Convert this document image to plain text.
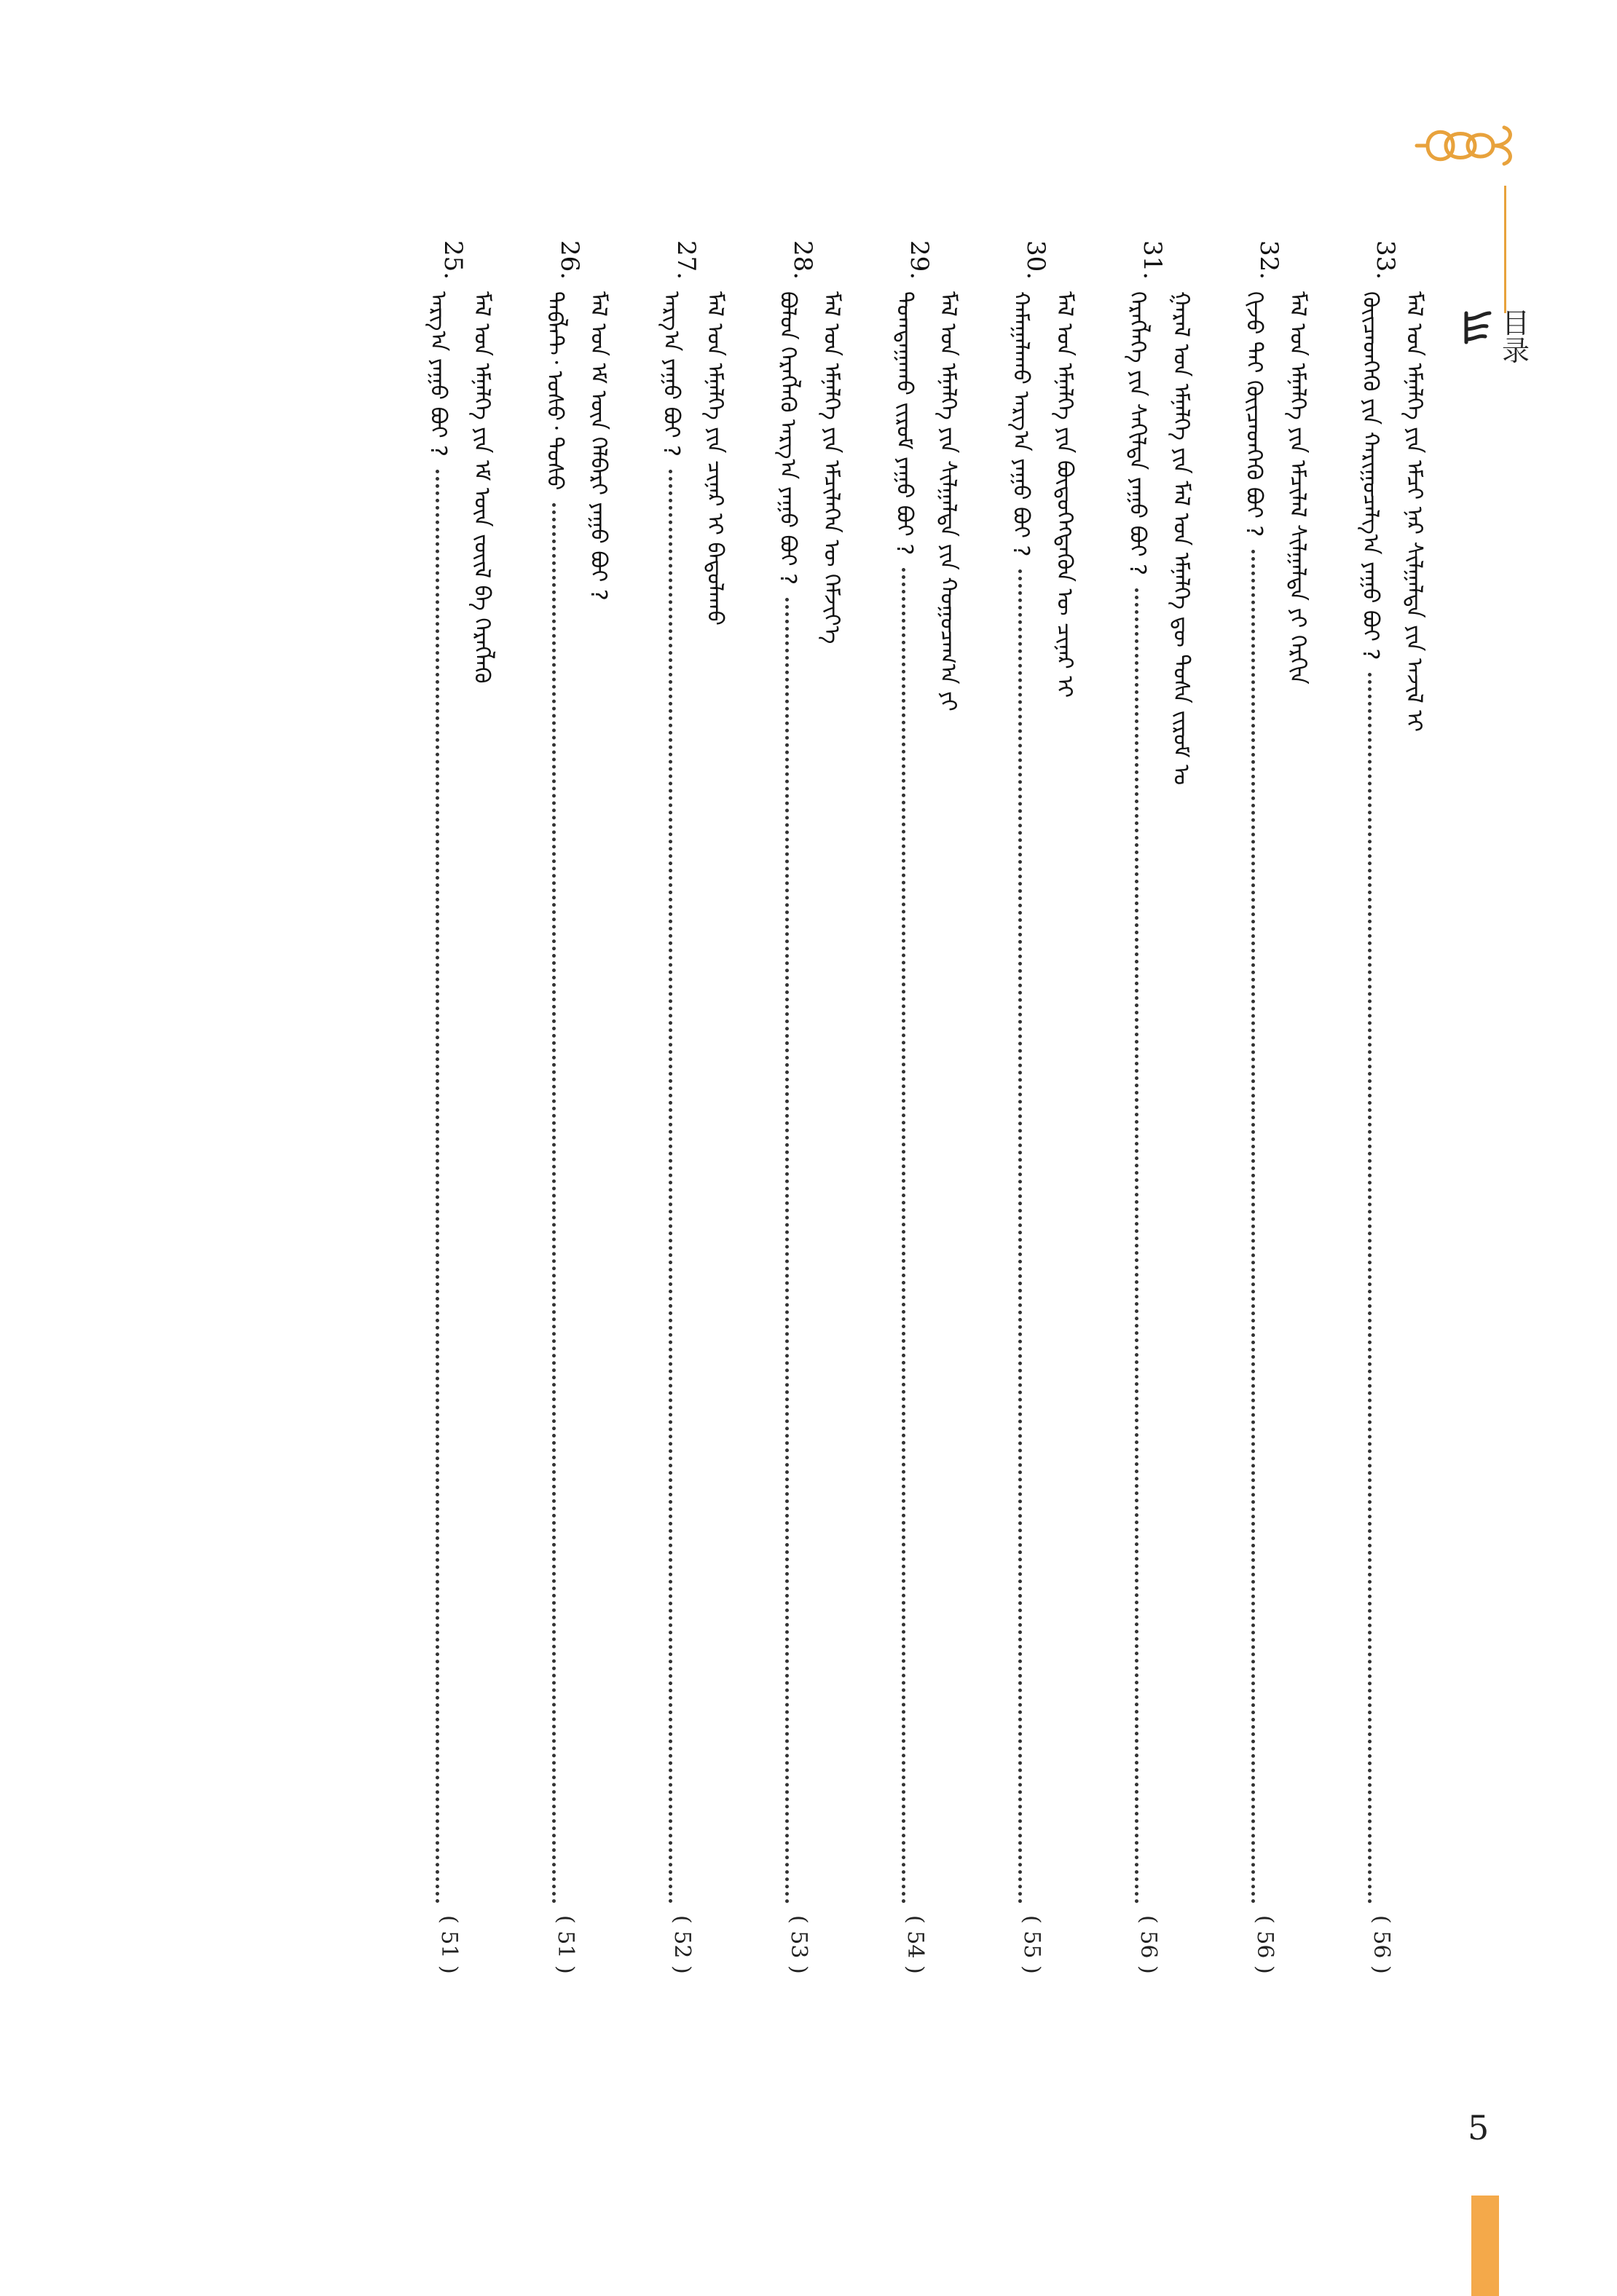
目录
5
33.
ᠮᠠᠯ ᠤᠨ ᠡᠮᠨᠡᠯᠭᠡ ᠶᠢᠨ ᠡᠮᠴᠢ ᠨᠠᠷ ᠰᠢᠯᠭᠠᠯᠲᠠ ᠶᠢᠨ ᠠᠵᠢᠯ ᠢ
ᠭᠦᠢᠴᠡᠳᠬᠡᠬᠦ ᠶᠢᠨ ᠬᠠᠷᠢᠭᠤᠴᠠᠯᠭ᠎ᠠ ᠶᠠᠭᠤ ᠪᠤᠢ ?
( 56 )
32.
ᠮᠠᠯ ᠤᠨ ᠡᠮᠨᠡᠯᠭᠡ ᠶᠢᠨ ᠡᠮᠴᠢᠯᠡᠯ ᠰᠢᠯᠭᠠᠯᠲᠠ ᠶᠢ ᠬᠡᠷᠬᠢᠨ
ᠬᠢᠵᠦ ᠲᠡᠢ ᠭᠦᠢᠴᠡᠳᠬᠡᠬᠦ ᠪᠤᠢ ?
( 56 )
31.
ᠭᠠᠷᠠᠯ ᠤᠨ ᠡᠮᠨᠡᠯᠭᠡ ᠶᠢᠨ ᠮᠠᠯ ᠤᠨ ᠡᠮᠨᠡᠯᠭᠡ ᠳᠦ ᠲᠤᠰᠠ ᠵᠢᠷᠤᠮ ᠤ
ᠬᠡᠷᠡᠭᠯᠡᠭᠡ ᠶᠢᠨ ᠰᠠᠬᠢᠯᠲᠠ ᠶᠠᠭᠤ ᠪᠤᠢ ?
( 56 )
30.
ᠮᠠᠯ ᠤᠨ ᠡᠮᠨᠡᠯᠭᠡ ᠶᠢᠨ ᠪᠦᠲᠦᠭᠡᠭᠳᠡᠬᠦᠨ ᠦ ᠴᠢᠨᠠᠷ ᠢ
ᠬᠠᠮᠠᠭᠠᠯᠠᠬᠤ ᠠᠷᠭ᠎ᠠ ᠶᠠᠭᠤ ᠪᠤᠢ ?
( 55 )
29.
ᠮᠠᠯ ᠤᠨ ᠡᠮᠨᠡᠯᠭᠡ ᠶᠢᠨ ᠰᠢᠯᠭᠠᠯᠲᠠ ᠶᠢᠨ ᠬᠤᠭᠤᠴᠠᠭ᠎ᠠ ᠶᠢ
ᠲᠣᠭᠲᠠᠭᠠᠬᠤ ᠵᠢᠷᠤᠮ ᠶᠠᠭᠤ ᠪᠤᠢ ?
( 54 )
28.
ᠮᠠᠯ ᠤᠨ ᠡᠮᠨᠡᠯᠭᠡ ᠶᠢᠨ ᠡᠮᠴᠢᠯᠡᠭᠡᠨ ᠦ ᠬᠡᠮᠵᠢᠶ᠎ᠡ
ᠪᠣᠯᠤᠨ ᠬᠡᠷᠡᠭᠯᠡᠬᠦ ᠠᠷᠭ᠎ᠠ ᠶᠠᠭᠤ ᠪᠤᠢ ?
( 53 )
27.
ᠮᠠᠯ ᠤᠨ ᠡᠮᠨᠡᠯᠭᠡ ᠶᠢᠨ ᠴᠢᠨᠠᠷ ᠢ ᠪᠠᠲᠤᠯᠠᠬᠤ
ᠠᠷᠭ᠎ᠠ ᠶᠠᠭᠤ ᠪᠤᠢ ?
( 52 )
26.
ᠮᠠᠯ ᠤᠨ ᠡᠮ ᠦᠨ ᠬᠡᠯᠪᠡᠷᠢ ᠶᠠᠭᠤ ᠪᠤᠢ ?
ᠲᠠᠪᠯᠡᠲ᠂ ᠤᠰᠤ᠂ ᠲᠣᠰᠤ
( 51 )
25.
ᠮᠠᠯ ᠤᠨ ᠡᠮᠨᠡᠯᠭᠡ ᠶᠢᠨ ᠡᠮ ᠦᠨ ᠵᠦᠢᠯ ᠪᠠ ᠬᠡᠷᠡᠭᠯᠡᠬᠦ
ᠠᠷᠭ᠎ᠠ ᠶᠠᠭᠤ ᠪᠤᠢ ?
( 51 )
